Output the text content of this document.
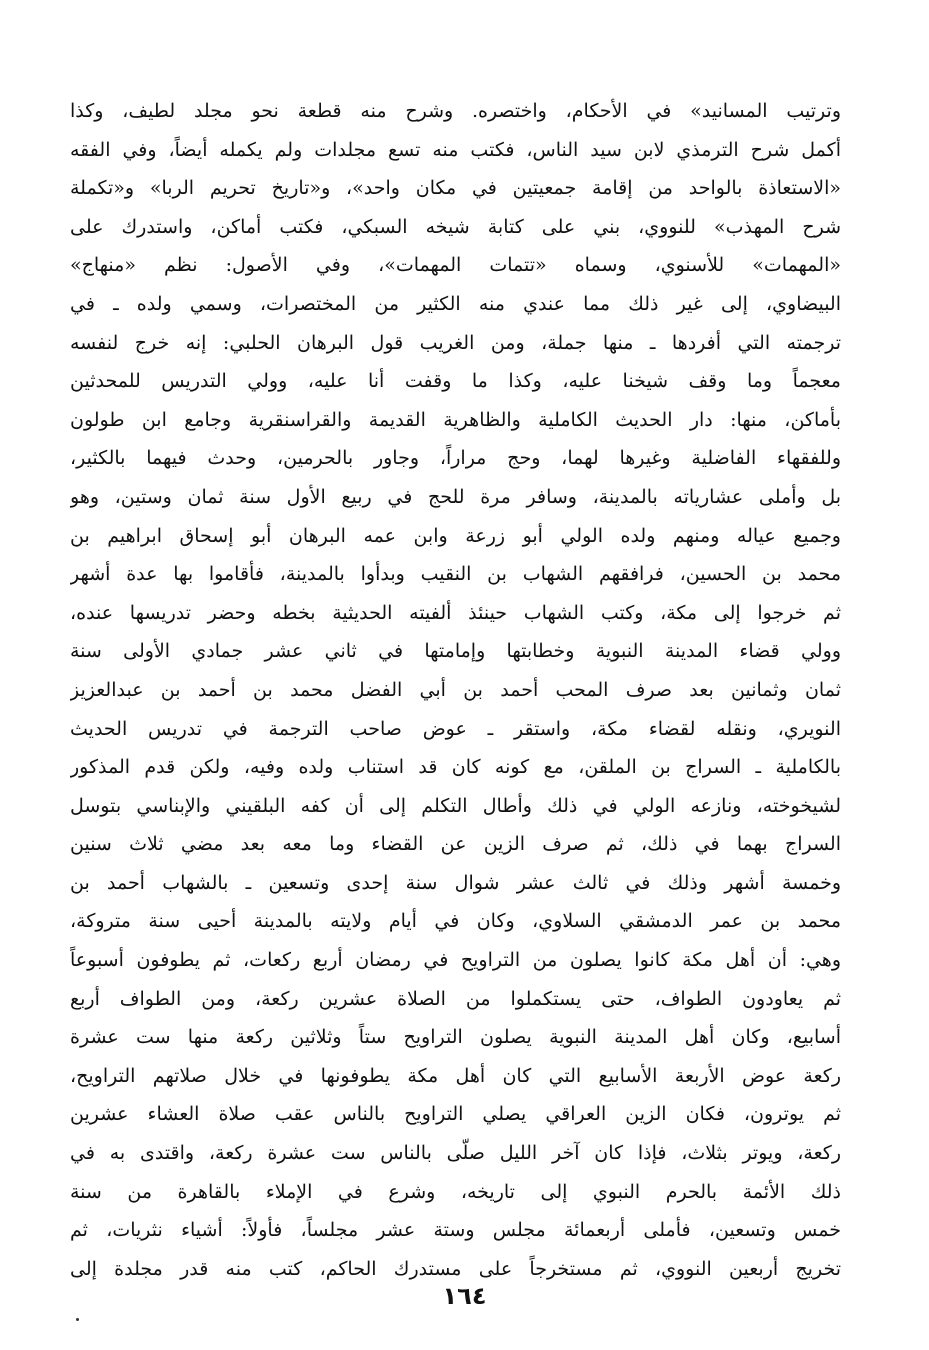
وترتيب المسانيد» في الأحكام، واختصره. وشرح منه قطعة نحو مجلد لطيف، وكذا
أكمل شرح الترمذي لابن سيد الناس، فكتب منه تسع مجلدات ولم يكمله أيضاً، وفي الفقه
«الاستعاذة بالواحد من إقامة جمعيتين في مكان واحد»، و«تاريخ تحريم الربا» و«تكملة
شرح المهذب» للنووي، بني على كتابة شيخه السبكي، فكتب أماكن، واستدرك على
«المهمات» للأسنوي، وسماه «تتمات المهمات»، وفي الأصول: نظم «منهاج»
البيضاوي، إلى غير ذلك مما عندي منه الكثير من المختصرات، وسمي ولده ـ في
ترجمته التي أفردها ـ منها جملة، ومن الغريب قول البرهان الحلبي: إنه خرج لنفسه
معجماً وما وقف شيخنا عليه، وكذا ما وقفت أنا عليه، وولي التدريس للمحدثين
بأماكن، منها: دار الحديث الكاملية والظاهرية القديمة والقراسنقرية وجامع ابن طولون
وللفقهاء الفاضلية وغيرها لهما، وحج مراراً، وجاور بالحرمين، وحدث فيهما بالكثير،
بل وأملى عشارياته بالمدينة، وسافر مرة للحج في ربيع الأول سنة ثمان وستين، وهو
وجميع عياله ومنهم ولده الولي أبو زرعة وابن عمه البرهان أبو إسحاق ابراهيم بن
محمد بن الحسين، فرافقهم الشهاب بن النقيب وبدأوا بالمدينة، فأقاموا بها عدة أشهر
ثم خرجوا إلى مكة، وكتب الشهاب حينئذ ألفيته الحديثية بخطه وحضر تدريسها عنده،
وولي قضاء المدينة النبوية وخطابتها وإمامتها في ثاني عشر جمادي الأولى سنة
ثمان وثمانين بعد صرف المحب أحمد بن أبي الفضل محمد بن أحمد بن عبدالعزيز
النويري، ونقله لقضاء مكة، واستقر ـ عوض صاحب الترجمة في تدريس الحديث
بالكاملية ـ السراج بن الملقن، مع كونه كان قد استناب ولده وفيه، ولكن قدم المذكور
لشيخوخته، ونازعه الولي في ذلك وأطال التكلم إلى أن كفه البلقيني والإبناسي بتوسل
السراج بهما في ذلك، ثم صرف الزين عن القضاء وما معه بعد مضي ثلاث سنين
وخمسة أشهر وذلك في ثالث عشر شوال سنة إحدى وتسعين ـ بالشهاب أحمد بن
محمد بن عمر الدمشقي السلاوي، وكان في أيام ولايته بالمدينة أحيى سنة متروكة،
وهي: أن أهل مكة كانوا يصلون من التراويح في رمضان أربع ركعات، ثم يطوفون أسبوعاً
ثم يعاودون الطواف، حتى يستكملوا من الصلاة عشرين ركعة، ومن الطواف أربع
أسابيع، وكان أهل المدينة النبوية يصلون التراويح ستاً وثلاثين ركعة منها ست عشرة
ركعة عوض الأربعة الأسابيع التي كان أهل مكة يطوفونها في خلال صلاتهم التراويح،
ثم يوترون، فكان الزين العراقي يصلي التراويح بالناس عقب صلاة العشاء عشرين
ركعة، ويوتر بثلاث، فإذا كان آخر الليل صلّى بالناس ست عشرة ركعة، واقتدى به في
ذلك الأئمة بالحرم النبوي إلى تاريخه، وشرع في الإملاء بالقاهرة من سنة
خمس وتسعين، فأملى أربعمائة مجلس وستة عشر مجلساً، فأولاً: أشياء نثريات، ثم
تخريج أربعين النووي، ثم مستخرجاً على مستدرك الحاكم، كتب منه قدر مجلدة إلى
١٦٤
